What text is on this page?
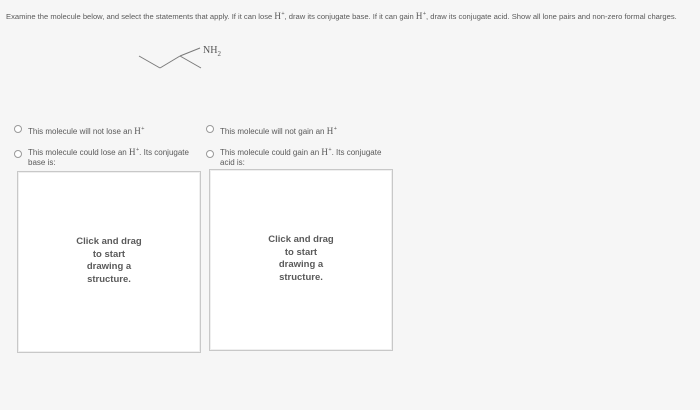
Examine the molecule below, and select the statements that apply. If it can lose H+, draw its conjugate base. If it can gain H+, draw its conjugate acid. Show all lone pairs and non-zero formal charges.
$NH_2$
This molecule will not lose an H+
This molecule could lose an H+. Its conjugate base is:
Click and drag
to start
drawing a
structure.
This molecule will not gain an H+
This molecule could gain an H+. Its conjugate acid is:
Click and drag
to start
drawing a
structure.
